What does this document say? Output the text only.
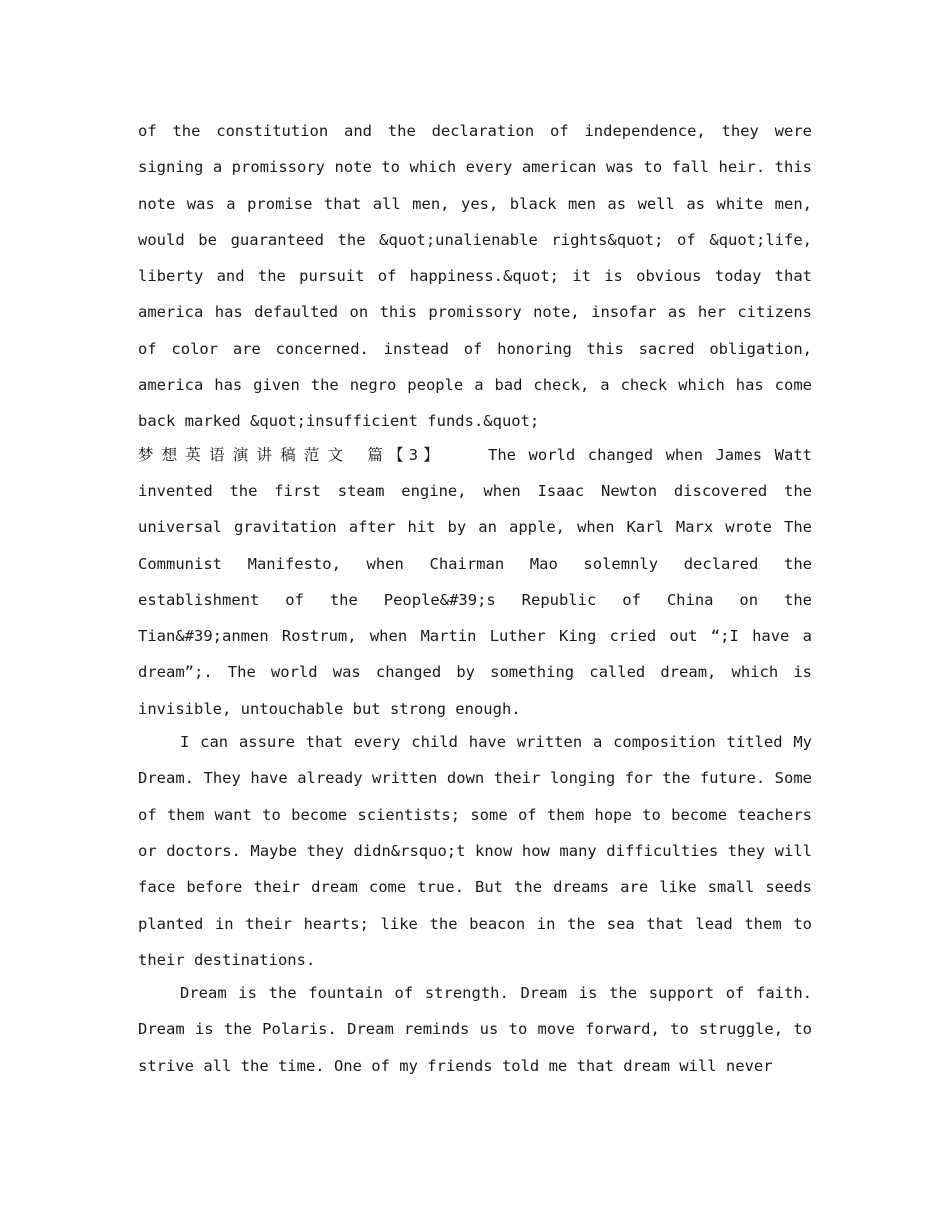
of the constitution and the declaration of independence, they were signing a promissory note to which every american was to fall heir. this note was a promise that all men, yes, black men as well as white men, would be guaranteed the &quot;unalienable rights&quot; of &quot;life, liberty and the pursuit of happiness.&quot; it is obvious today that america has defaulted on this promissory note, insofar as her citizens of color are concerned. instead of honoring this sacred obligation, america has given the negro people a bad check, a check which has come back marked &quot;insufficient funds.&quot;

梦想英语演讲稿范文 篇【3】	The world changed when James Watt invented the first steam engine, when Isaac Newton discovered the universal gravitation after hit by an apple, when Karl Marx wrote The Communist Manifesto, when Chairman Mao solemnly declared the establishment of the People&#39;s Republic of China on the Tian&#39;anmen Rostrum, when Martin Luther King cried out “;I have a dream”;. The world was changed by something called dream, which is invisible, untouchable but strong enough.

I can assure that every child have written a composition titled My Dream. They have already written down their longing for the future. Some of them want to become scientists; some of them hope to become teachers or doctors. Maybe they didn&rsquo;t know how many difficulties they will face before their dream come true. But the dreams are like small seeds planted in their hearts; like the beacon in the sea that lead them to their destinations.

Dream is the fountain of strength. Dream is the support of faith. Dream is the Polaris. Dream reminds us to move forward, to struggle, to strive all the time. One of my friends told me that dream will never
